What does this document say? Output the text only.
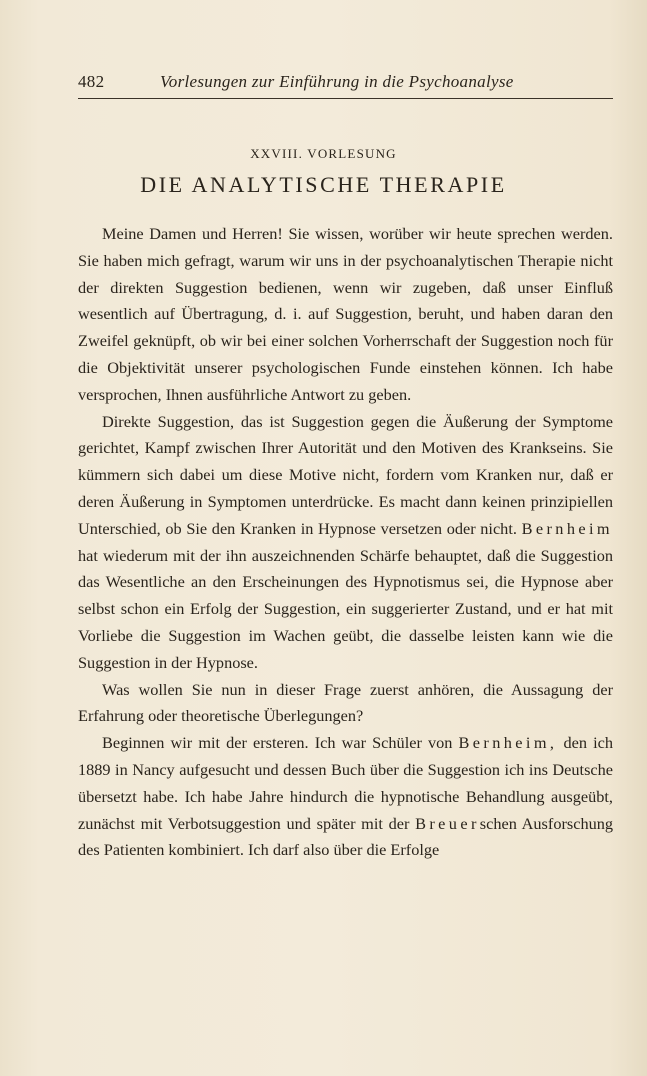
482	Vorlesungen zur Einführung in die Psychoanalyse
XXVIII. VORLESUNG
DIE ANALYTISCHE THERAPIE

Meine Damen und Herren! Sie wissen, worüber wir heute sprechen werden. Sie haben mich gefragt, warum wir uns in der psychoanalytischen Therapie nicht der direkten Suggestion bedienen, wenn wir zugeben, daß unser Einfluß wesentlich auf Übertragung, d. i. auf Suggestion, beruht, und haben daran den Zweifel geknüpft, ob wir bei einer solchen Vorherrschaft der Suggestion noch für die Objektivität unserer psychologischen Funde einstehen können. Ich habe versprochen, Ihnen ausführliche Antwort zu geben.

Direkte Suggestion, das ist Suggestion gegen die Äußerung der Symptome gerichtet, Kampf zwischen Ihrer Autorität und den Motiven des Krankseins. Sie kümmern sich dabei um diese Motive nicht, fordern vom Kranken nur, daß er deren Äußerung in Symptomen unterdrücke. Es macht dann keinen prinzipiellen Unterschied, ob Sie den Kranken in Hypnose versetzen oder nicht. Bernheim hat wiederum mit der ihn auszeichnenden Schärfe behauptet, daß die Suggestion das Wesentliche an den Erscheinungen des Hypnotismus sei, die Hypnose aber selbst schon ein Erfolg der Suggestion, ein suggerierter Zustand, und er hat mit Vorliebe die Suggestion im Wachen geübt, die dasselbe leisten kann wie die Suggestion in der Hypnose.

Was wollen Sie nun in dieser Frage zuerst anhören, die Aussagung der Erfahrung oder theoretische Überlegungen?

Beginnen wir mit der ersteren. Ich war Schüler von Bernheim, den ich 1889 in Nancy aufgesucht und dessen Buch über die Suggestion ich ins Deutsche übersetzt habe. Ich habe Jahre hindurch die hypnotische Behandlung ausgeübt, zunächst mit Verbotsuggestion und später mit der Breuerschen Ausforschung des Patienten kombiniert. Ich darf also über die Erfolge
